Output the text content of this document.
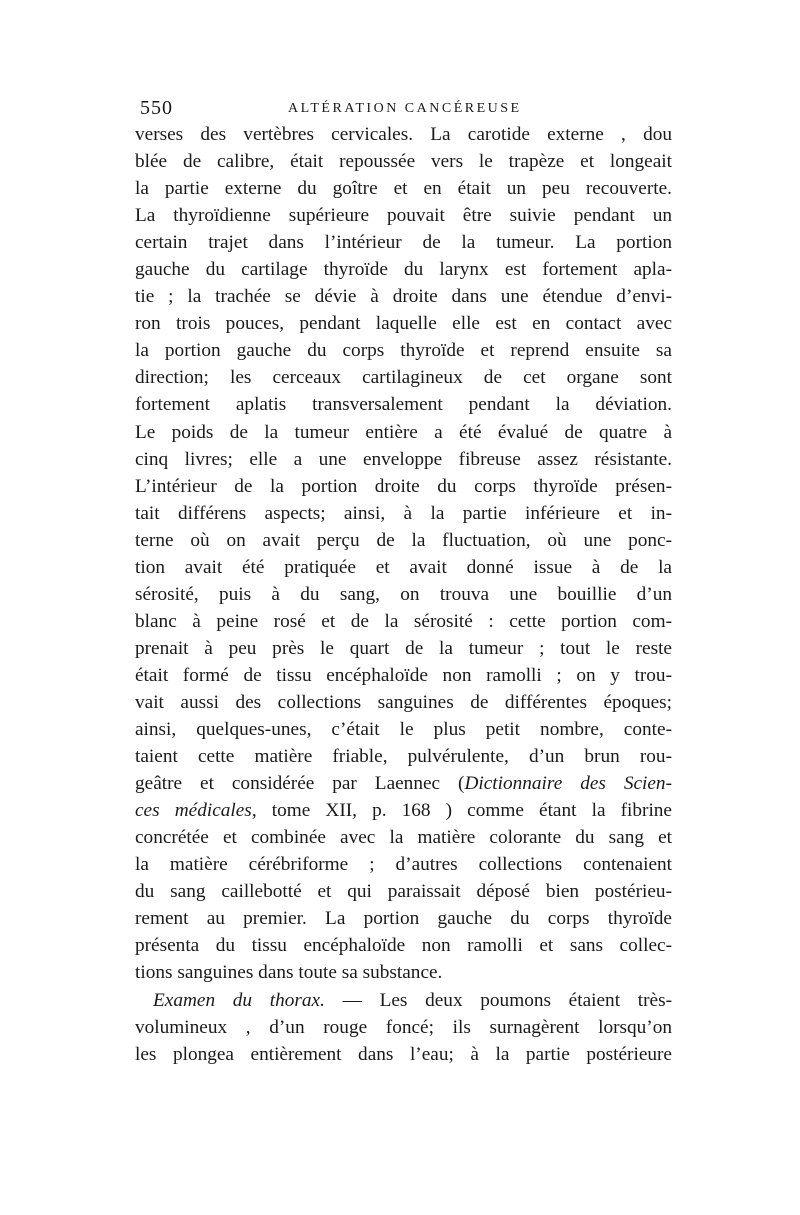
550	ALTÉRATION CANCÉREUSE
verses des vertèbres cervicales. La carotide externe , dou
blée de calibre, était repoussée vers le trapèze et longeait
la partie externe du goître et en était un peu recouverte.
La thyroïdienne supérieure pouvait être suivie pendant un
certain trajet dans l’intérieur de la tumeur. La portion
gauche du cartilage thyroïde du larynx est fortement apla-
tie ; la trachée se dévie à droite dans une étendue d’envi-
ron trois pouces, pendant laquelle elle est en contact avec
la portion gauche du corps thyroïde et reprend ensuite sa
direction; les cerceaux cartilagineux de cet organe sont
fortement aplatis transversalement pendant la déviation.
Le poids de la tumeur entière a été évalué de quatre à
cinq livres; elle a une enveloppe fibreuse assez résistante.
L’intérieur de la portion droite du corps thyroïde présen-
tait différens aspects; ainsi, à la partie inférieure et in-
terne où on avait perçu de la fluctuation, où une ponc-
tion avait été pratiquée et avait donné issue à de la
sérosité, puis à du sang, on trouva une bouillie d’un
blanc à peine rosé et de la sérosité : cette portion com-
prenait à peu près le quart de la tumeur ; tout le reste
était formé de tissu encéphaloïde non ramolli ; on y trou-
vait aussi des collections sanguines de différentes époques;
ainsi, quelques-unes, c’était le plus petit nombre, conte-
taient cette matière friable, pulvérulente, d’un brun rou-
geâtre et considérée par Laennec (Dictionnaire des Scien-
ces médicales, tome XII, p. 168 ) comme étant la fibrine
concrétée et combinée avec la matière colorante du sang et
la matière cérébriforme ; d’autres collections contenaient
du sang caillebotté et qui paraissait déposé bien postérieu-
rement au premier. La portion gauche du corps thyroïde
présenta du tissu encéphaloïde non ramolli et sans collec-
tions sanguines dans toute sa substance.
Examen du thorax. — Les deux poumons étaient très-
volumineux , d’un rouge foncé; ils surnagèrent lorsqu’on
les plongea entièrement dans l’eau; à la partie postérieure
